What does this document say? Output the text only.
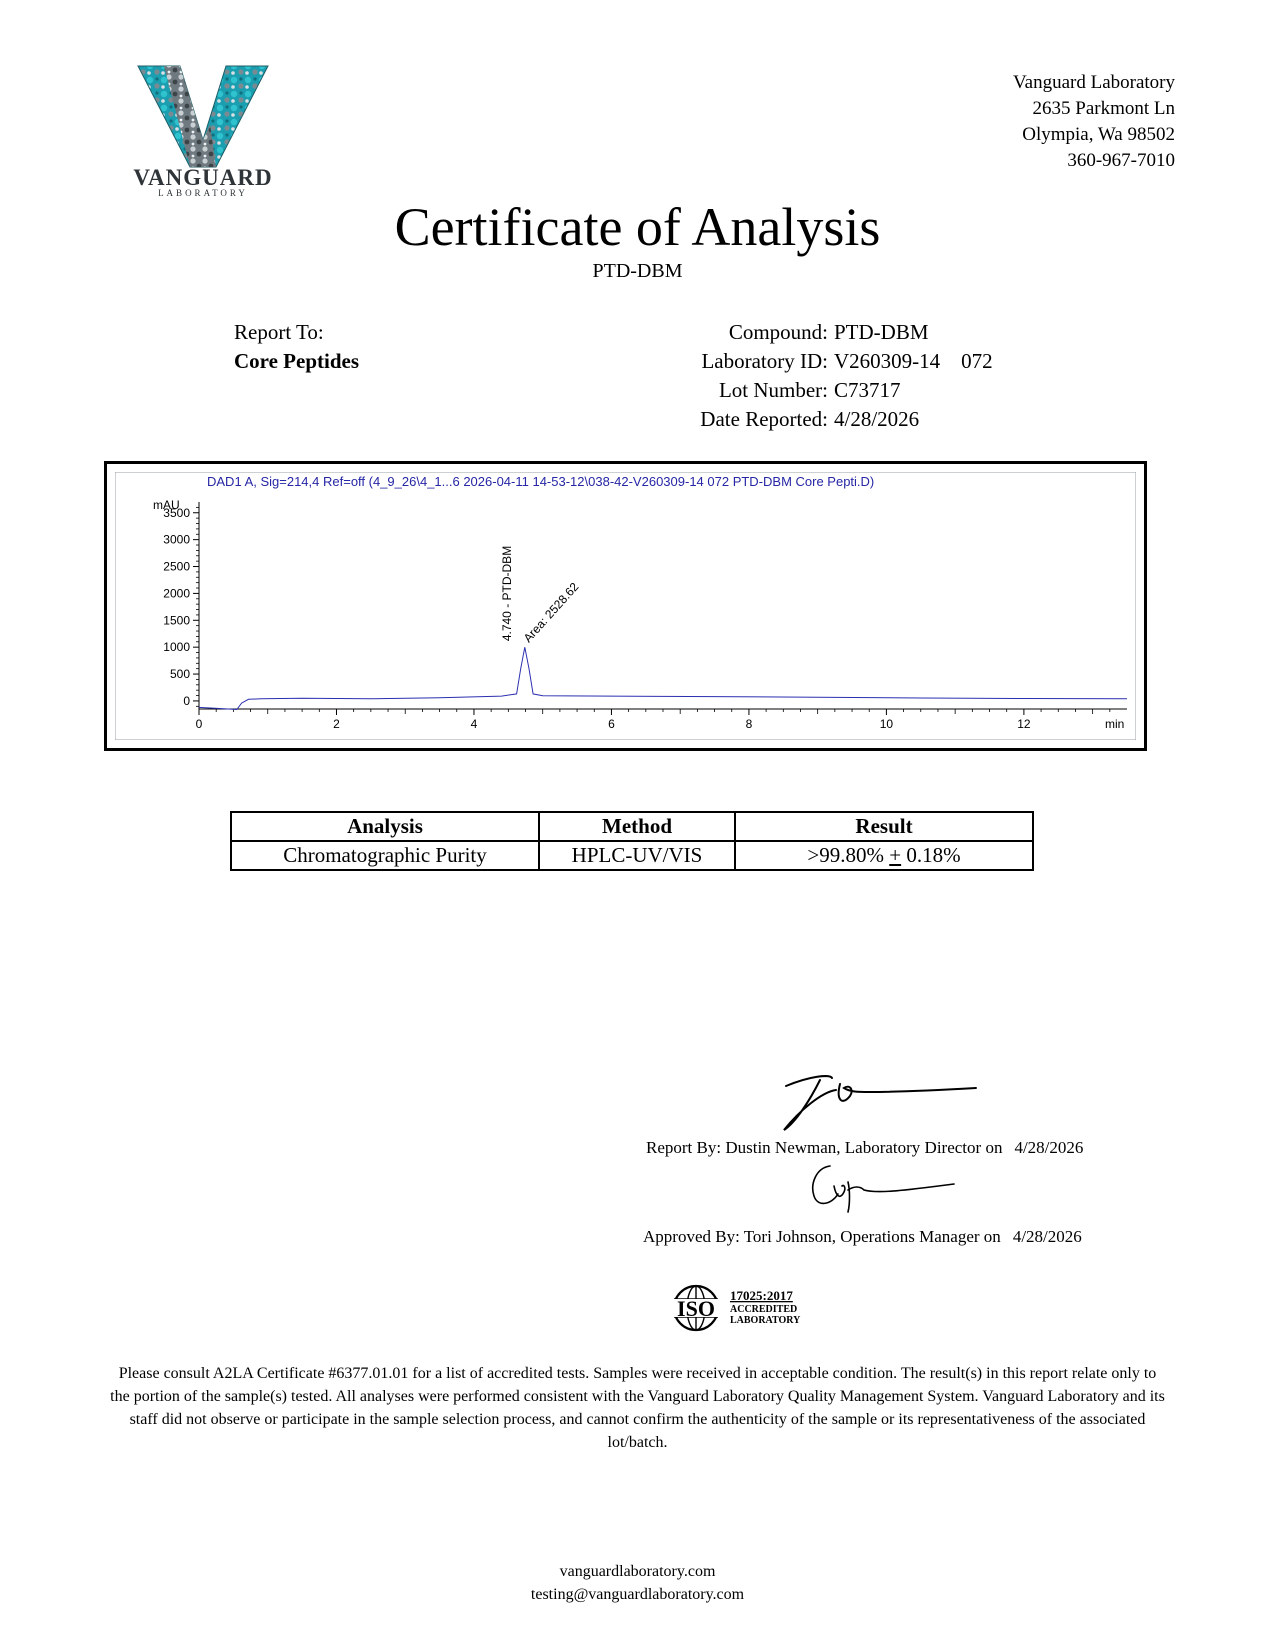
VANGUARD
LABORATORY
Vanguard Laboratory
2635 Parkmont Ln
Olympia, Wa 98502
360-967-7010
Certificate of Analysis
PTD-DBM
Report To:
Core Peptides
Compound: PTD-DBM
Laboratory ID: V260309-14    072
Lot Number: C73717
Date Reported: 4/28/2026
DAD1 A, Sig=214,4 Ref=off (4_9_26\4_1...6 2026-04-11 14-53-12\038-42-V260309-14 072 PTD-DBM Core Pepti.D)
mAU
min
0
500
1000
1500
2000
2500
3000
3500
0	2	4	6	8	10	12
4.740 - PTD-DBM Area: 2528.62
Analysis	Method	Result
Chromatographic Purity	HPLC-UV/VIS	>99.80% + 0.18%
Report By: Dustin Newman, Laboratory Director on 4/28/2026
Approved By: Tori Johnson, Operations Manager on 4/28/2026
ISO
17025:2017
ACCREDITED
LABORATORY
Please consult A2LA Certificate #6377.01.01 for a list of accredited tests. Samples were received in acceptable condition. The result(s) in this report relate only to the portion of the sample(s) tested. All analyses were performed consistent with the Vanguard Laboratory Quality Management System. Vanguard Laboratory and its staff did not observe or participate in the sample selection process, and cannot confirm the authenticity of the sample or its representativeness of the associated lot/batch.
vanguardlaboratory.com
testing@vanguardlaboratory.com
